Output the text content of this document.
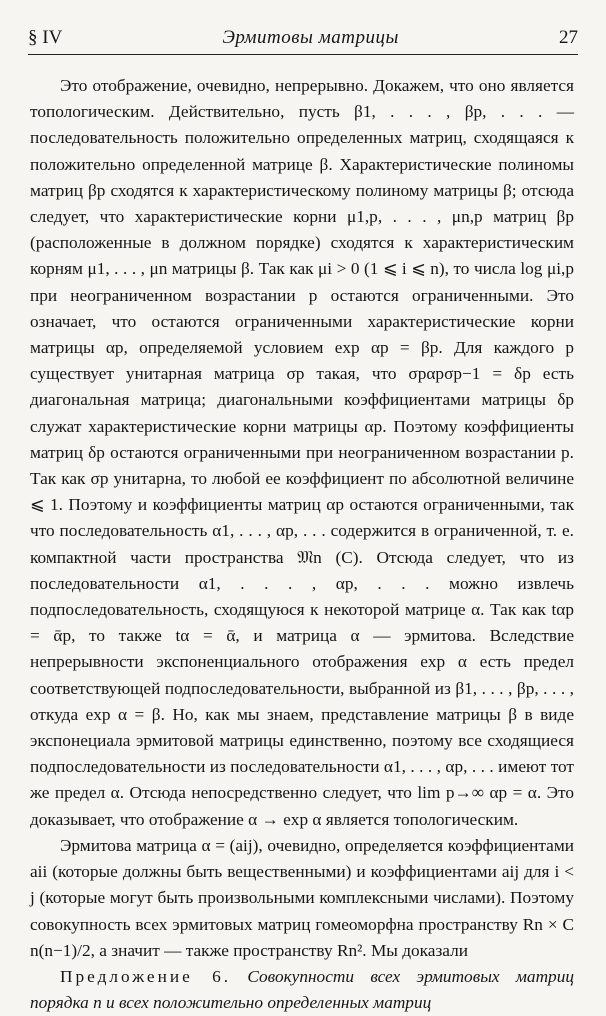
§ IV	Эрмитовы матрицы	27

Это отображение, очевидно, непрерывно. Докажем, что оно является топологическим. Действительно, пусть β1, . . . , βp, . . . — последовательность положительно определенных матриц, сходящаяся к положительно определенной матрице β. Характеристические полиномы матриц βp сходятся к характеристическому полиному матрицы β; отсюда следует, что характеристические корни μ1,p, . . . , μn,p матриц βp (расположенные в должном порядке) сходятся к характеристическим корням μ1, . . . , μn матрицы β. Так как μi > 0 (1 ⩽ i ⩽ n), то числа log μi,p при неограниченном возрастании p остаются ограниченными. Это означает, что остаются ограниченными характеристические корни матрицы αp, определяемой условием exp αp = βp. Для каждого p существует унитарная матрица σp такая, что σpαpσp−1 = δp есть диагональная матрица; диагональными коэффициентами матрицы δp служат характеристические корни матрицы αp. Поэтому коэффициенты матриц δp остаются ограниченными при неограниченном возрастании p. Так как σp унитарна, то любой ее коэффициент по абсолютной величине ⩽ 1. Поэтому и коэффициенты матриц αp остаются ограниченными, так что последовательность α1, . . . , αp, . . . содержится в ограниченной, т. е. компактной части пространства 𝔐n (C). Отсюда следует, что из последовательности α1, . . . , αp, . . . можно извлечь подпоследовательность, сходящуюся к некоторой матрице α. Так как tαp = ᾱp, то также tα = ᾱ, и матрица α — эрмитова. Вследствие непрерывности экспоненциального отображения exp α есть предел соответствующей подпоследовательности, выбранной из β1, . . . , βp, . . . , откуда exp α = β. Но, как мы знаем, представление матрицы β в виде экспонециала эрмитовой матрицы единственно, поэтому все сходящиеся подпоследовательности из последовательности α1, . . . , αp, . . . имеют тот же предел α. Отсюда непосредственно следует, что lim p→∞ αp = α. Это доказывает, что отображение α → exp α является топологическим.

Эрмитова матрица α = (aij), очевидно, определяется коэффициентами aii (которые должны быть вещественными) и коэффициентами aij для i < j (которые могут быть произвольными комплексными числами). Поэтому совокупность всех эрмитовых матриц гомеоморфна пространству Rn × C n(n−1)/2, а значит — также пространству Rn². Мы доказали

Предложение 6. Совокупности всех эрмитовых матриц порядка n и всех положительно определенных матриц
